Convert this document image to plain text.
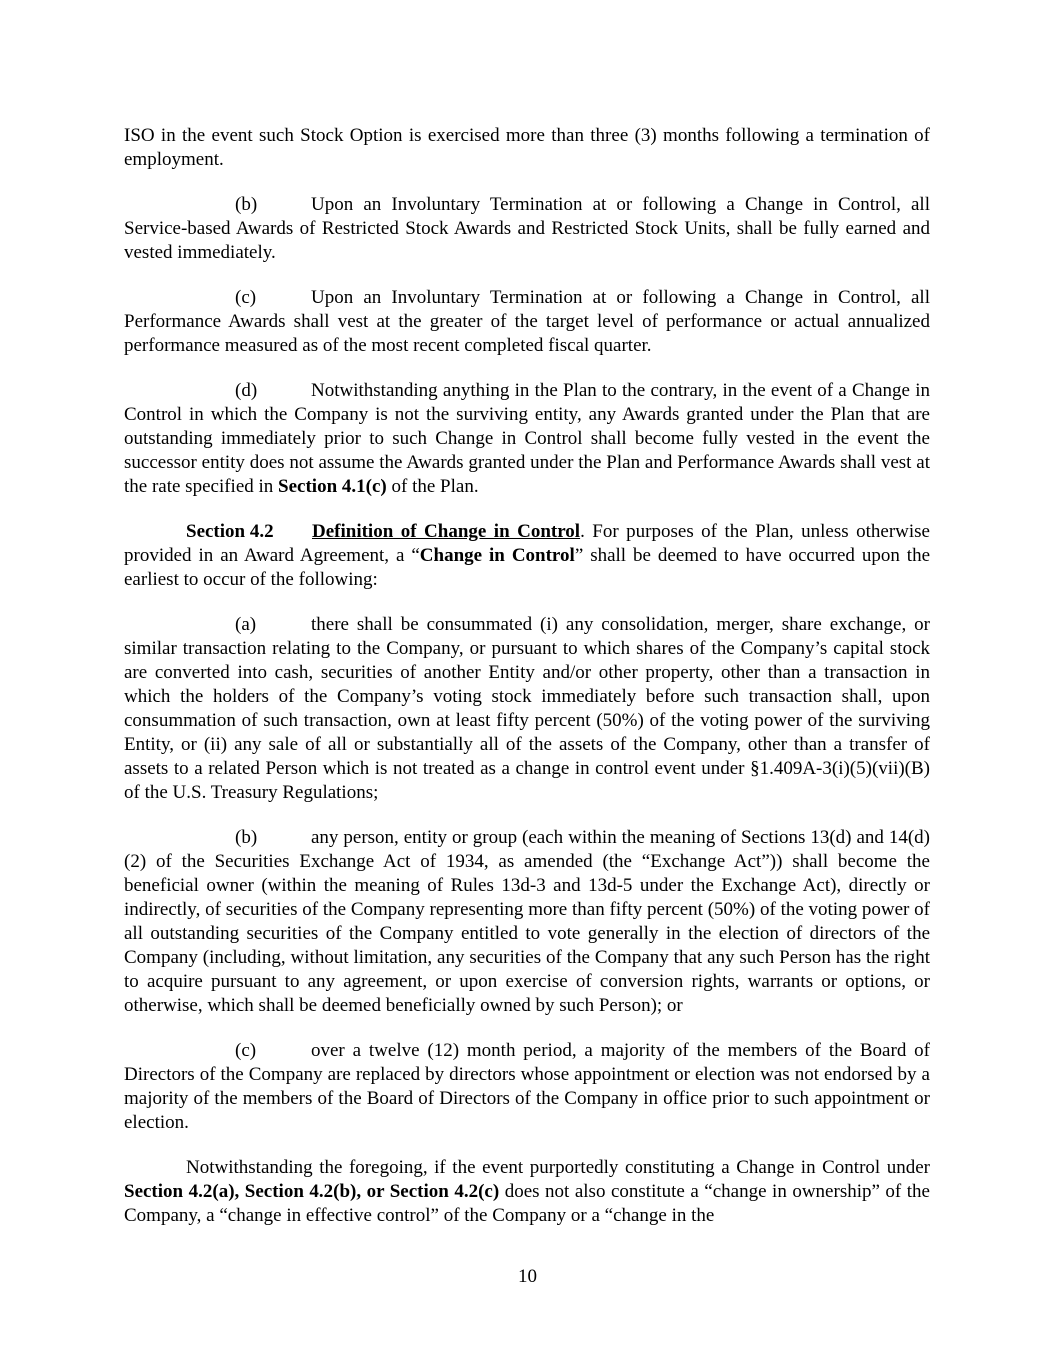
ISO in the event such Stock Option is exercised more than three (3) months following a termination of employment.

(b)	Upon an Involuntary Termination at or following a Change in Control, all Service-based Awards of Restricted Stock Awards and Restricted Stock Units, shall be fully earned and vested immediately.

(c)	Upon an Involuntary Termination at or following a Change in Control, all Performance Awards shall vest at the greater of the target level of performance or actual annualized performance measured as of the most recent completed fiscal quarter.

(d)	Notwithstanding anything in the Plan to the contrary, in the event of a Change in Control in which the Company is not the surviving entity, any Awards granted under the Plan that are outstanding immediately prior to such Change in Control shall become fully vested in the event the successor entity does not assume the Awards granted under the Plan and Performance Awards shall vest at the rate specified in Section 4.1(c) of the Plan.

Section 4.2 Definition of Change in Control. For purposes of the Plan, unless otherwise provided in an Award Agreement, a “Change in Control” shall be deemed to have occurred upon the earliest to occur of the following:

(a)	there shall be consummated (i) any consolidation, merger, share exchange, or similar transaction relating to the Company, or pursuant to which shares of the Company’s capital stock are converted into cash, securities of another Entity and/or other property, other than a transaction in which the holders of the Company’s voting stock immediately before such transaction shall, upon consummation of such transaction, own at least fifty percent (50%) of the voting power of the surviving Entity, or (ii) any sale of all or substantially all of the assets of the Company, other than a transfer of assets to a related Person which is not treated as a change in control event under §1.409A-3(i)(5)(vii)(B) of the U.S. Treasury Regulations;

(b)	any person, entity or group (each within the meaning of Sections 13(d) and 14(d)(2) of the Securities Exchange Act of 1934, as amended (the “Exchange Act”)) shall become the beneficial owner (within the meaning of Rules 13d-3 and 13d-5 under the Exchange Act), directly or indirectly, of securities of the Company representing more than fifty percent (50%) of the voting power of all outstanding securities of the Company entitled to vote generally in the election of directors of the Company (including, without limitation, any securities of the Company that any such Person has the right to acquire pursuant to any agreement, or upon exercise of conversion rights, warrants or options, or otherwise, which shall be deemed beneficially owned by such Person); or

(c)	over a twelve (12) month period, a majority of the members of the Board of Directors of the Company are replaced by directors whose appointment or election was not endorsed by a majority of the members of the Board of Directors of the Company in office prior to such appointment or election.

Notwithstanding the foregoing, if the event purportedly constituting a Change in Control under Section 4.2(a), Section 4.2(b), or Section 4.2(c) does not also constitute a “change in ownership” of the Company, a “change in effective control” of the Company or a “change in the

10
